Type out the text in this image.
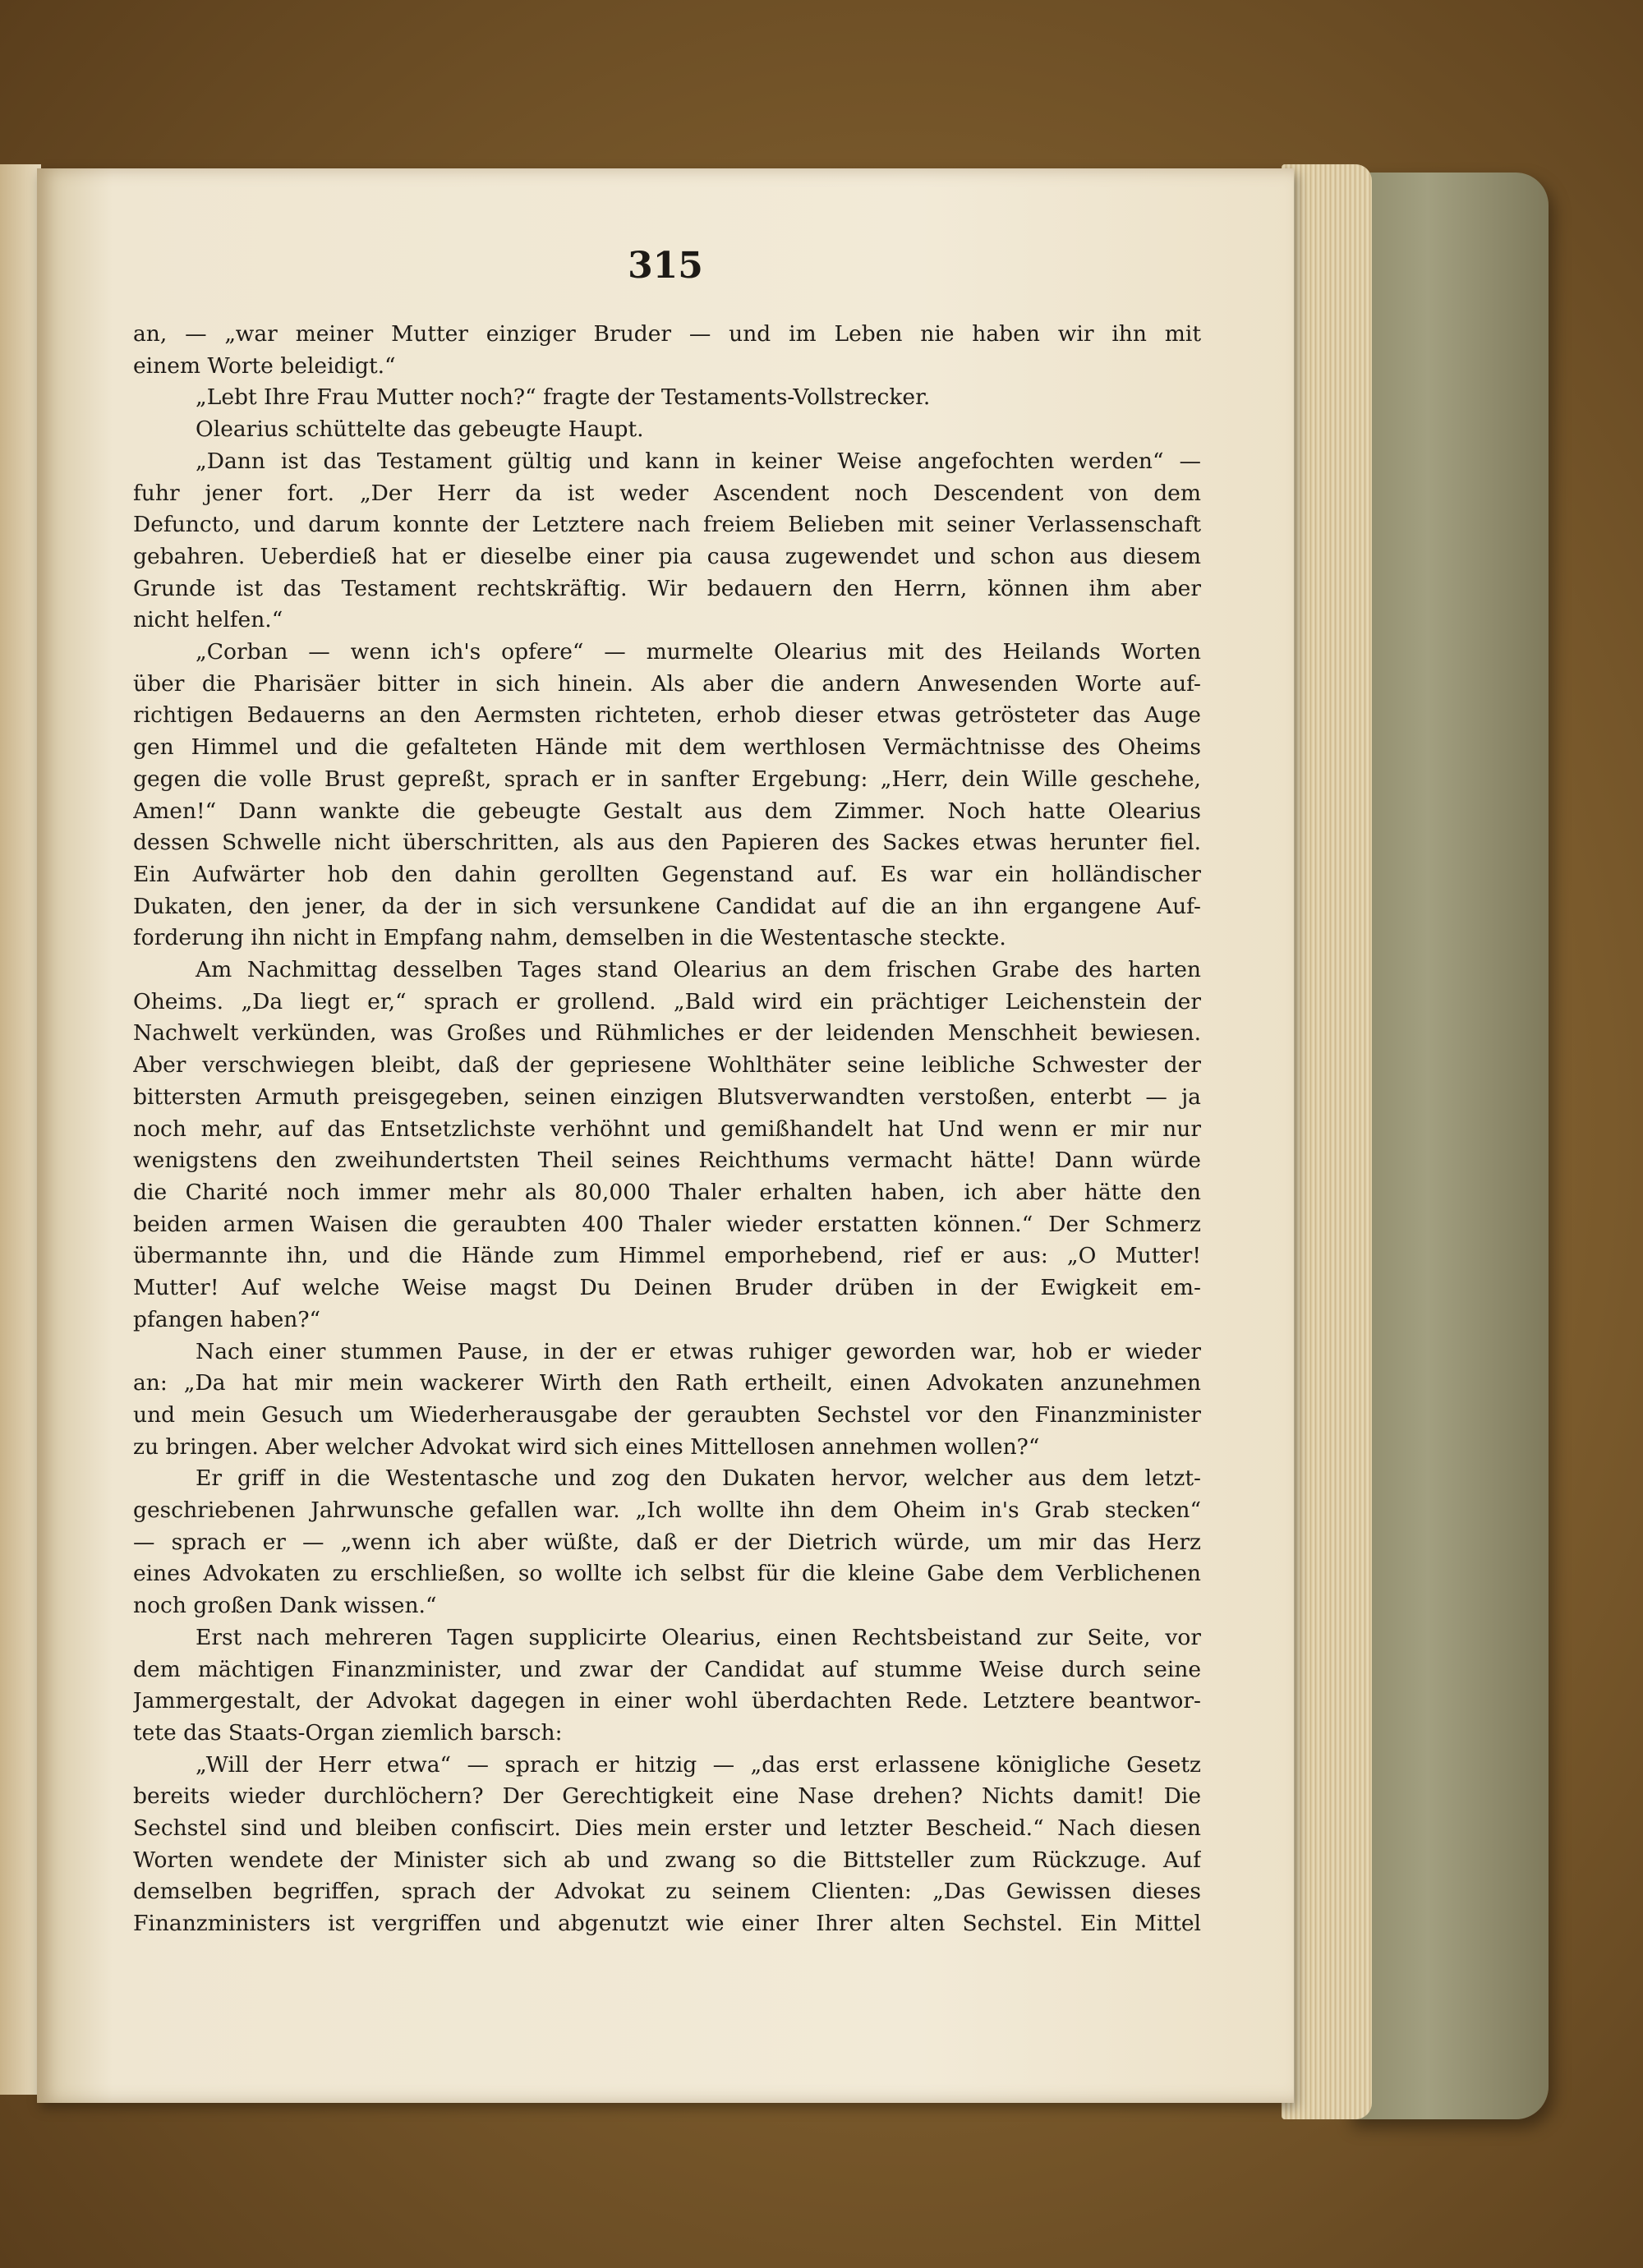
315
an, — „war meiner Mutter einziger Bruder — und im Leben nie haben wir ihn mit
einem Worte beleidigt.“
„Lebt Ihre Frau Mutter noch?“ fragte der Testaments-Vollstrecker.
Olearius schüttelte das gebeugte Haupt.
„Dann ist das Testament gültig und kann in keiner Weise angefochten werden“ —
fuhr jener fort. „Der Herr da ist weder Ascendent noch Descendent von dem
Defuncto, und darum konnte der Letztere nach freiem Belieben mit seiner Verlassenschaft
gebahren. Ueberdieß hat er dieselbe einer pia causa zugewendet und schon aus diesem
Grunde ist das Testament rechtskräftig. Wir bedauern den Herrn, können ihm aber
nicht helfen.“
„Corban — wenn ich's opfere“ — murmelte Olearius mit des Heilands Worten
über die Pharisäer bitter in sich hinein. Als aber die andern Anwesenden Worte auf-
richtigen Bedauerns an den Aermsten richteten, erhob dieser etwas getrösteter das Auge
gen Himmel und die gefalteten Hände mit dem werthlosen Vermächtnisse des Oheims
gegen die volle Brust gepreßt, sprach er in sanfter Ergebung: „Herr, dein Wille geschehe,
Amen!“ Dann wankte die gebeugte Gestalt aus dem Zimmer. Noch hatte Olearius
dessen Schwelle nicht überschritten, als aus den Papieren des Sackes etwas herunter fiel.
Ein Aufwärter hob den dahin gerollten Gegenstand auf. Es war ein holländischer
Dukaten, den jener, da der in sich versunkene Candidat auf die an ihn ergangene Auf-
forderung ihn nicht in Empfang nahm, demselben in die Westentasche steckte.
Am Nachmittag desselben Tages stand Olearius an dem frischen Grabe des harten
Oheims. „Da liegt er,“ sprach er grollend. „Bald wird ein prächtiger Leichenstein der
Nachwelt verkünden, was Großes und Rühmliches er der leidenden Menschheit bewiesen.
Aber verschwiegen bleibt, daß der gepriesene Wohlthäter seine leibliche Schwester der
bittersten Armuth preisgegeben, seinen einzigen Blutsverwandten verstoßen, enterbt — ja
noch mehr, auf das Entsetzlichste verhöhnt und gemißhandelt hat Und wenn er mir nur
wenigstens den zweihundertsten Theil seines Reichthums vermacht hätte! Dann würde
die Charité noch immer mehr als 80,000 Thaler erhalten haben, ich aber hätte den
beiden armen Waisen die geraubten 400 Thaler wieder erstatten können.“ Der Schmerz
übermannte ihn, und die Hände zum Himmel emporhebend, rief er aus: „O Mutter!
Mutter! Auf welche Weise magst Du Deinen Bruder drüben in der Ewigkeit em-
pfangen haben?“
Nach einer stummen Pause, in der er etwas ruhiger geworden war, hob er wieder
an: „Da hat mir mein wackerer Wirth den Rath ertheilt, einen Advokaten anzunehmen
und mein Gesuch um Wiederherausgabe der geraubten Sechstel vor den Finanzminister
zu bringen. Aber welcher Advokat wird sich eines Mittellosen annehmen wollen?“
Er griff in die Westentasche und zog den Dukaten hervor, welcher aus dem letzt-
geschriebenen Jahrwunsche gefallen war. „Ich wollte ihn dem Oheim in's Grab stecken“
— sprach er — „wenn ich aber wüßte, daß er der Dietrich würde, um mir das Herz
eines Advokaten zu erschließen, so wollte ich selbst für die kleine Gabe dem Verblichenen
noch großen Dank wissen.“
Erst nach mehreren Tagen supplicirte Olearius, einen Rechtsbeistand zur Seite, vor
dem mächtigen Finanzminister, und zwar der Candidat auf stumme Weise durch seine
Jammergestalt, der Advokat dagegen in einer wohl überdachten Rede. Letztere beantwor-
tete das Staats-Organ ziemlich barsch:
„Will der Herr etwa“ — sprach er hitzig — „das erst erlassene königliche Gesetz
bereits wieder durchlöchern? Der Gerechtigkeit eine Nase drehen? Nichts damit! Die
Sechstel sind und bleiben confiscirt. Dies mein erster und letzter Bescheid.“ Nach diesen
Worten wendete der Minister sich ab und zwang so die Bittsteller zum Rückzuge. Auf
demselben begriffen, sprach der Advokat zu seinem Clienten: „Das Gewissen dieses
Finanzministers ist vergriffen und abgenutzt wie einer Ihrer alten Sechstel. Ein Mittel
